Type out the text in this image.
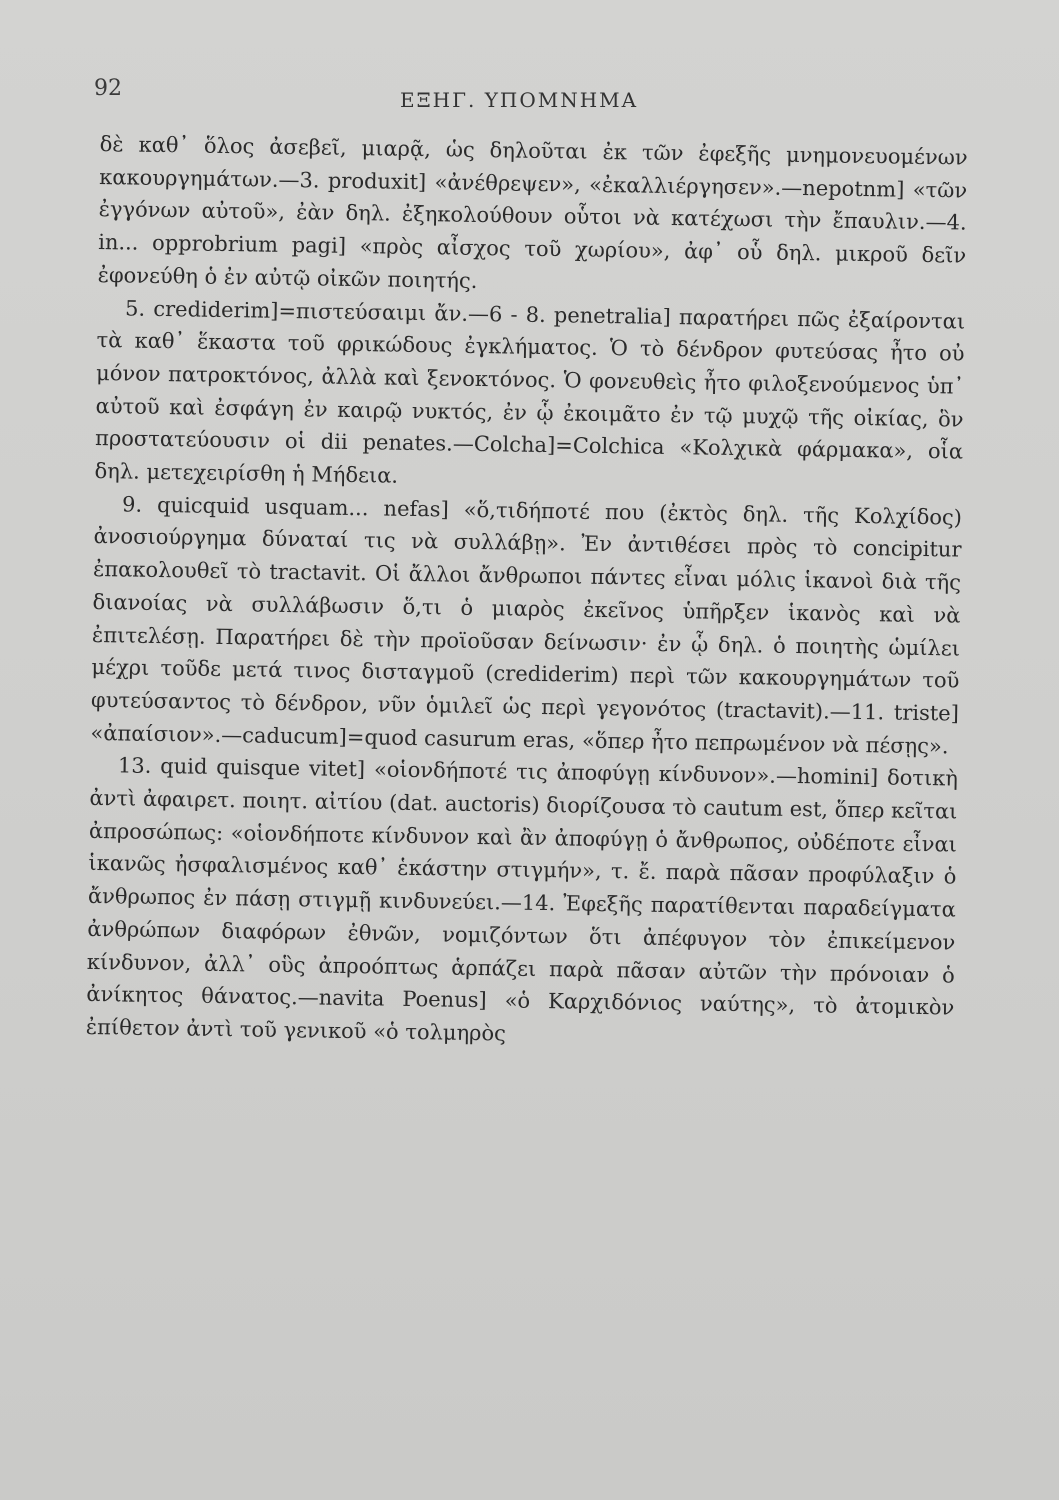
92	ΕΞΗΓ. ΥΠΟΜΝΗΜΑ

δὲ καθ᾽ ὅλος ἀσεβεῖ, μιαρᾷ, ὡς δηλοῦται ἐκ τῶν ἐφεξῆς μνημονευομένων κακουργημάτων.—3. produxit] «ἀνέθρεψεν», «ἐκαλλιέργησεν».—nepotnm] «τῶν ἐγγόνων αὐτοῦ», ἐὰν δηλ. ἐξηκολούθουν οὗτοι νὰ κατέχωσι τὴν ἔπαυλιν.—4. in... opprobrium pagi] «πρὸς αἶσχος τοῦ χωρίου», ἀφ᾽ οὗ δηλ. μικροῦ δεῖν ἐφονεύθη ὁ ἐν αὐτῷ οἰκῶν ποιητής.

5. crediderim]=πιστεύσαιμι ἄν.—6 - 8. penetralia] παρατήρει πῶς ἐξαίρονται τὰ καθ᾽ ἕκαστα τοῦ φρικώδους ἐγκλήματος. Ὁ τὸ δένδρον φυτεύσας ἦτο οὐ μόνον πατροκτόνος, ἀλλὰ καὶ ξενοκτόνος. Ὁ φονευθεὶς ἦτο φιλοξενούμενος ὑπ᾽ αὐτοῦ καὶ ἐσφάγη ἐν καιρῷ νυκτός, ἐν ᾧ ἐκοιμᾶτο ἐν τῷ μυχῷ τῆς οἰκίας, ὃν προστατεύουσιν οἱ dii penates.—Colcha]=Colchica «Κολχικὰ φάρμακα», οἷα δηλ. μετεχειρίσθη ἡ Μήδεια.

9. quicquid usquam... nefas] «ὅ,τιδήποτέ που (ἐκτὸς δηλ. τῆς Κολχίδος) ἀνοσιούργημα δύναταί τις νὰ συλλάβῃ». Ἐν ἀντιθέσει πρὸς τὸ concipitur ἐπακολουθεῖ τὸ tractavit. Οἱ ἄλλοι ἄνθρωποι πάντες εἶναι μόλις ἱκανοὶ διὰ τῆς διανοίας νὰ συλλάβωσιν ὅ,τι ὁ μιαρὸς ἐκεῖνος ὑπῆρξεν ἱκανὸς καὶ νὰ ἐπιτελέσῃ. Παρατήρει δὲ τὴν προϊοῦσαν δείνωσιν· ἐν ᾧ δηλ. ὁ ποιητὴς ὡμίλει μέχρι τοῦδε μετά τινος δισταγμοῦ (crediderim) περὶ τῶν κακουργημάτων τοῦ φυτεύσαντος τὸ δένδρον, νῦν ὁμιλεῖ ὡς περὶ γεγονότος (tractavit).—11. triste] «ἀπαίσιον».—caducum]=quod casurum eras, «ὅπερ ἦτο πεπρωμένον νὰ πέσῃς».

13. quid quisque vitet] «οἱονδήποτέ τις ἀποφύγῃ κίνδυνον».—homini] δοτικὴ ἀντὶ ἀφαιρετ. ποιητ. αἰτίου (dat. auctoris) διορίζουσα τὸ cautum est, ὅπερ κεῖται ἀπροσώπως: «οἱονδήποτε κίνδυνον καὶ ἂν ἀποφύγῃ ὁ ἄνθρωπος, οὐδέποτε εἶναι ἱκανῶς ἠσφαλισμένος καθ᾽ ἑκάστην στιγμήν», τ. ἔ. παρὰ πᾶσαν προφύλαξιν ὁ ἄνθρωπος ἐν πάσῃ στιγμῇ κινδυνεύει.—14. Ἐφεξῆς παρατίθενται παραδείγματα ἀνθρώπων διαφόρων ἐθνῶν, νομιζόντων ὅτι ἀπέφυγον τὸν ἐπικείμενον κίνδυνον, ἀλλ᾽ οὓς ἀπροόπτως ἁρπάζει παρὰ πᾶσαν αὐτῶν τὴν πρόνοιαν ὁ ἀνίκητος θάνατος.—navita Poenus] «ὁ Καρχιδόνιος ναύτης», τὸ ἀτομικὸν ἐπίθετον ἀντὶ τοῦ γενικοῦ «ὁ τολμηρὸς
